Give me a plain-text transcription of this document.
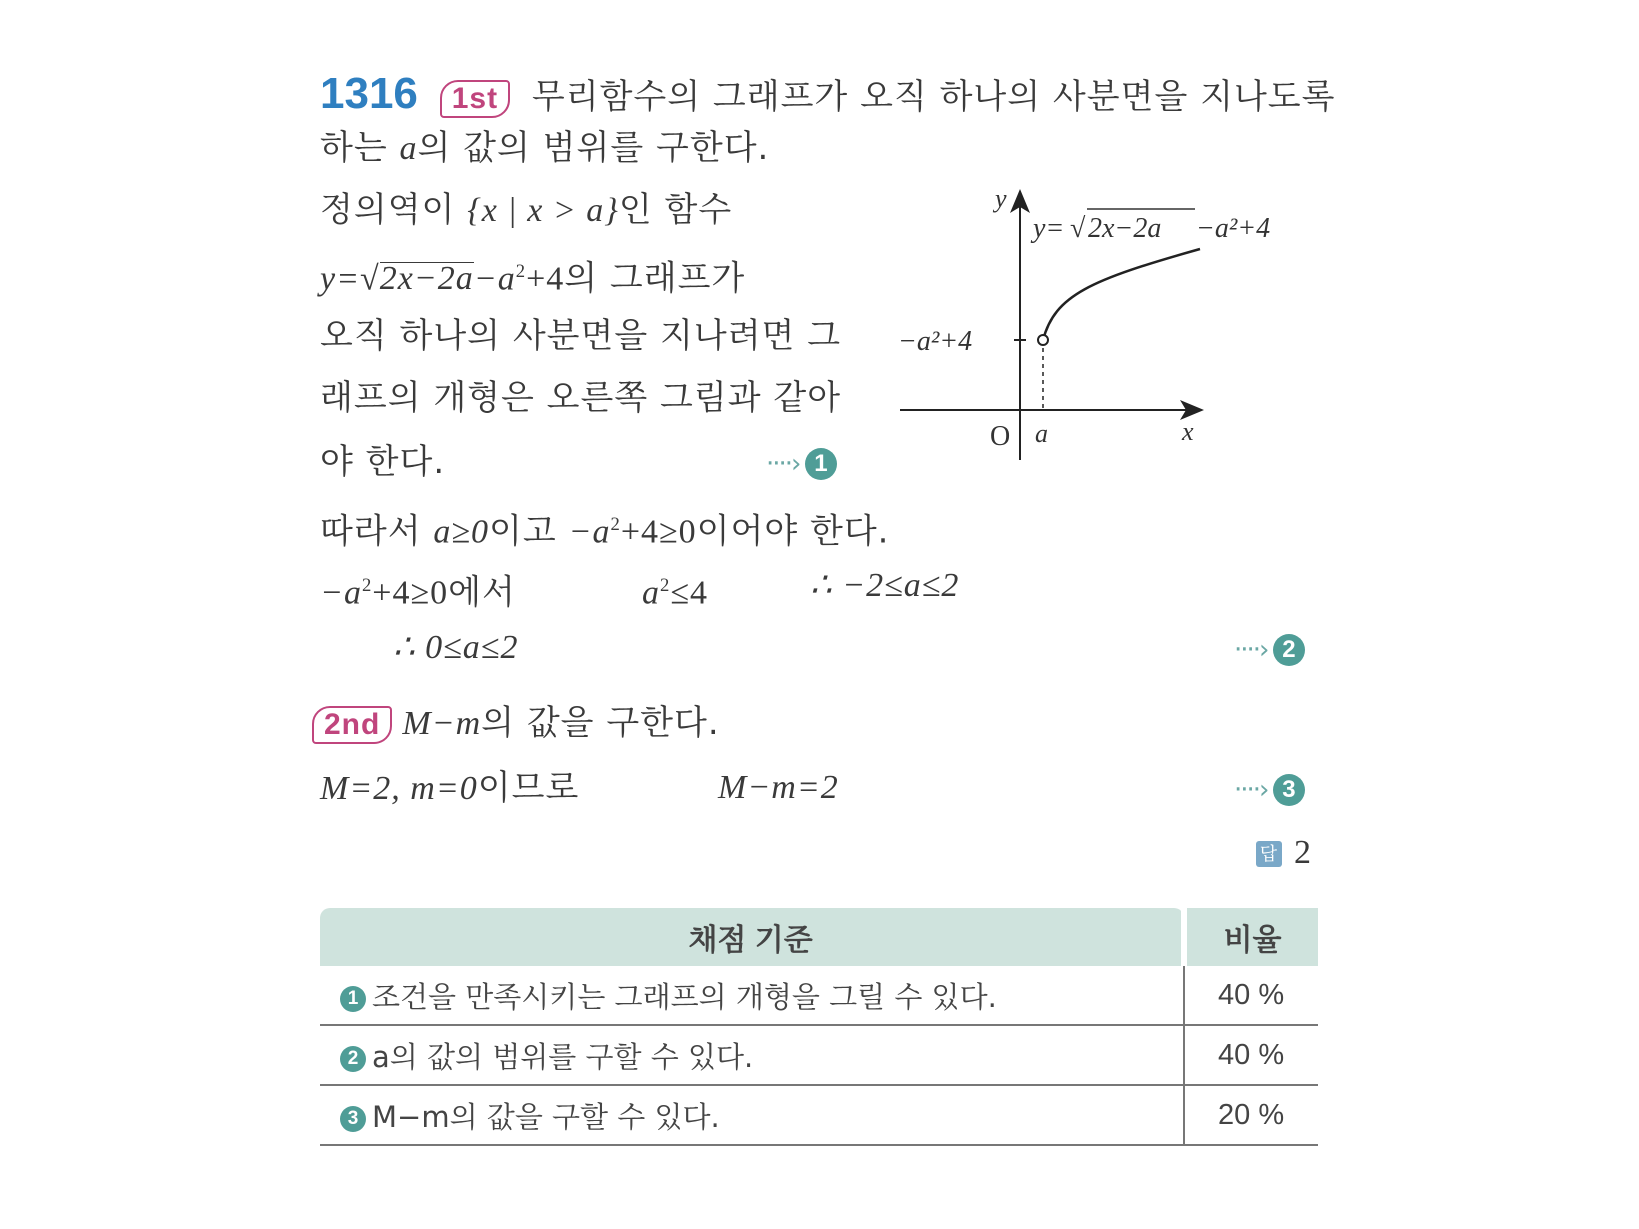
1316 1st 무리함수의 그래프가 오직 하나의 사분면을 지나도록
하는 a의 값의 범위를 구한다.
정의역이 {x | x > a}인 함수
$y=√2x-2a-a^2+4$의 그래프가
오직 하나의 사분면을 지나려면 그
래프의 개형은 오른쪽 그림과 같아
야 한다.	····› 1
y
x
O a
−a²+4
y= √ 2x−2a −a²+4
따라서 a≥0이고 $-a^2+4\ge 0$이어야 한다.
$-a^2+4\ge 0$에서	$a^2\le 4$	∴ −2≤a≤2
∴ 0≤a≤2	····› 2
2nd M−m의 값을 구한다.
M=2, m=0이므로	M−m=2	····› 3
답 2
채점 기준	비율
1 조건을 만족시키는 그래프의 개형을 그릴 수 있다.	40 %
2 a의 값의 범위를 구할 수 있다.	40 %
3 M−m의 값을 구할 수 있다.	20 %
